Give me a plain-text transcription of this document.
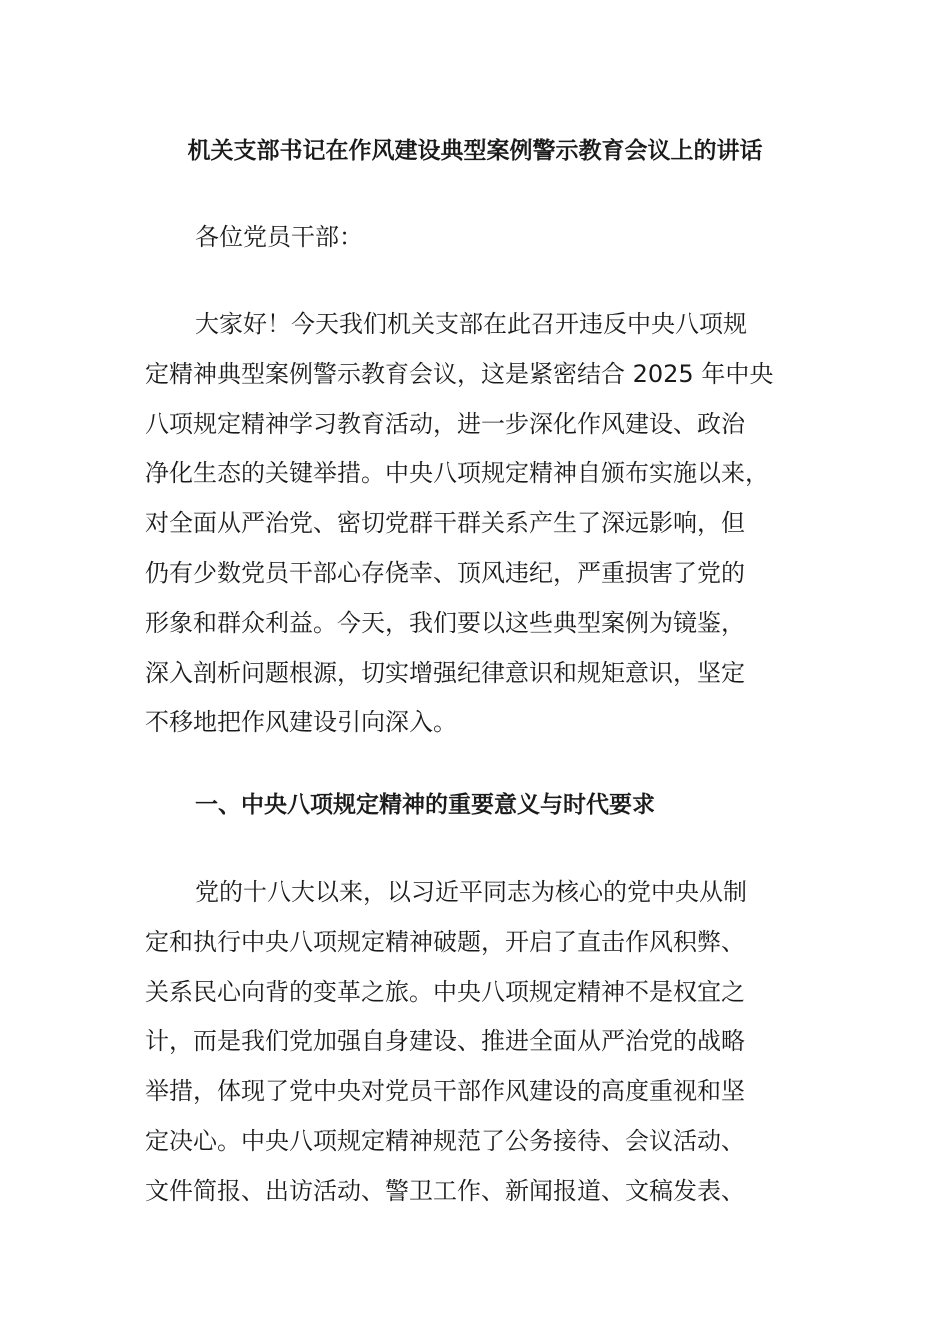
机关支部书记在作风建设典型案例警示教育会议上的讲话

各位党员干部：

大家好！今天我们机关支部在此召开违反中央八项规
定精神典型案例警示教育会议，这是紧密结合 2025 年中央
八项规定精神学习教育活动，进一步深化作风建设、政治
净化生态的关键举措。中央八项规定精神自颁布实施以来，
对全面从严治党、密切党群干群关系产生了深远影响，但
仍有少数党员干部心存侥幸、顶风违纪，严重损害了党的
形象和群众利益。今天，我们要以这些典型案例为镜鉴，
深入剖析问题根源，切实增强纪律意识和规矩意识，坚定
不移地把作风建设引向深入。
一、中央八项规定精神的重要意义与时代要求
党的十八大以来，以习近平同志为核心的党中央从制
定和执行中央八项规定精神破题，开启了直击作风积弊、
关系民心向背的变革之旅。中央八项规定精神不是权宜之
计，而是我们党加强自身建设、推进全面从严治党的战略
举措，体现了党中央对党员干部作风建设的高度重视和坚
定决心。中央八项规定精神规范了公务接待、会议活动、
文件简报、出访活动、警卫工作、新闻报道、文稿发表、
